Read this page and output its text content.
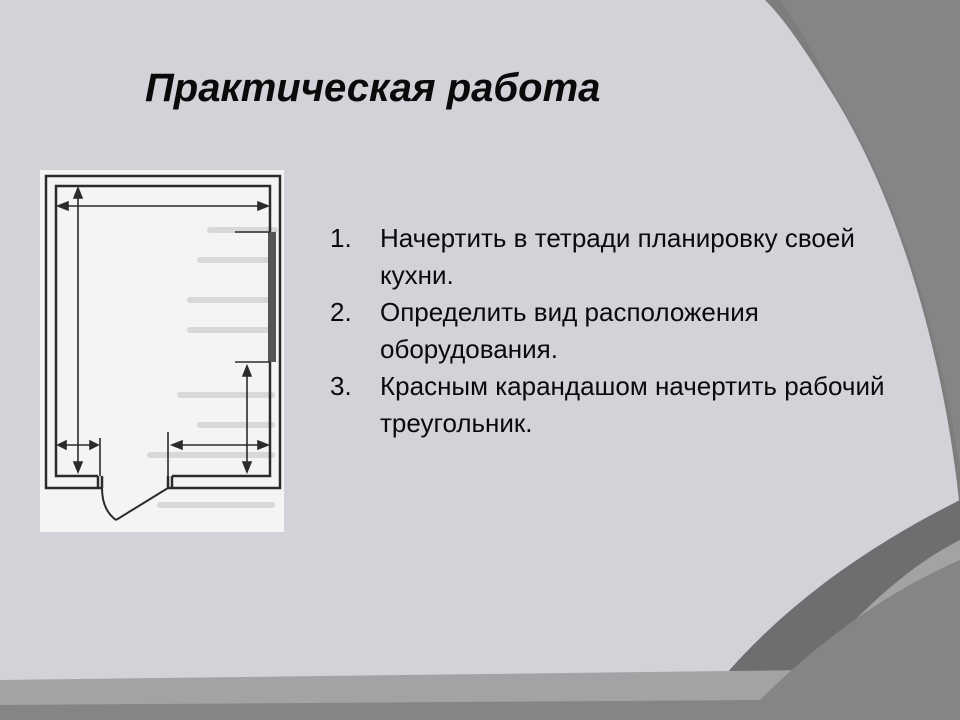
Практическая работа
1. Начертить в тетради планировку своей кухни.
2. Определить вид расположения оборудования.
3. Красным карандашом начертить рабочий треугольник.
